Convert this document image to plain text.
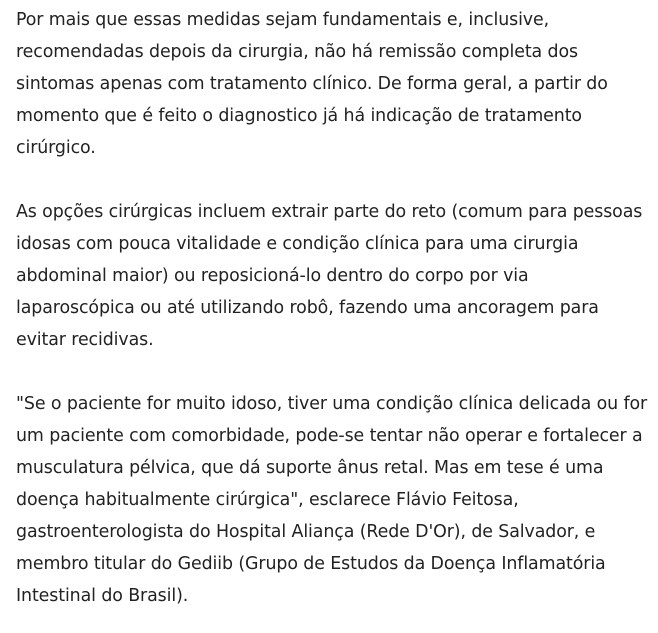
Por mais que essas medidas sejam fundamentais e, inclusive, recomendadas depois da cirurgia, não há remissão completa dos sintomas apenas com tratamento clínico. De forma geral, a partir do momento que é feito o diagnostico já há indicação de tratamento cirúrgico.

As opções cirúrgicas incluem extrair parte do reto (comum para pessoas idosas com pouca vitalidade e condição clínica para uma cirurgia abdominal maior) ou reposicioná-lo dentro do corpo por via laparoscópica ou até utilizando robô, fazendo uma ancoragem para evitar recidivas.

"Se o paciente for muito idoso, tiver uma condição clínica delicada ou for um paciente com comorbidade, pode-se tentar não operar e fortalecer a musculatura pélvica, que dá suporte ânus retal. Mas em tese é uma doença habitualmente cirúrgica", esclarece Flávio Feitosa, gastroenterologista do Hospital Aliança (Rede D'Or), de Salvador, e membro titular do Gediib (Grupo de Estudos da Doença Inflamatória Intestinal do Brasil).
